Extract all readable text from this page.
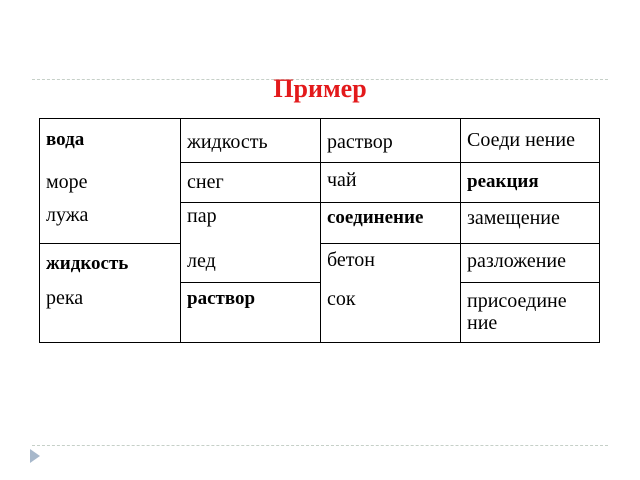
Пример
вода
море
лужа
жидкость
река
жидкость
снег
пар
лед
раствор
раствор
чай
соединение
бетон
сок
Соеди нение
реакция
замещение
разложение
присоедине ние
